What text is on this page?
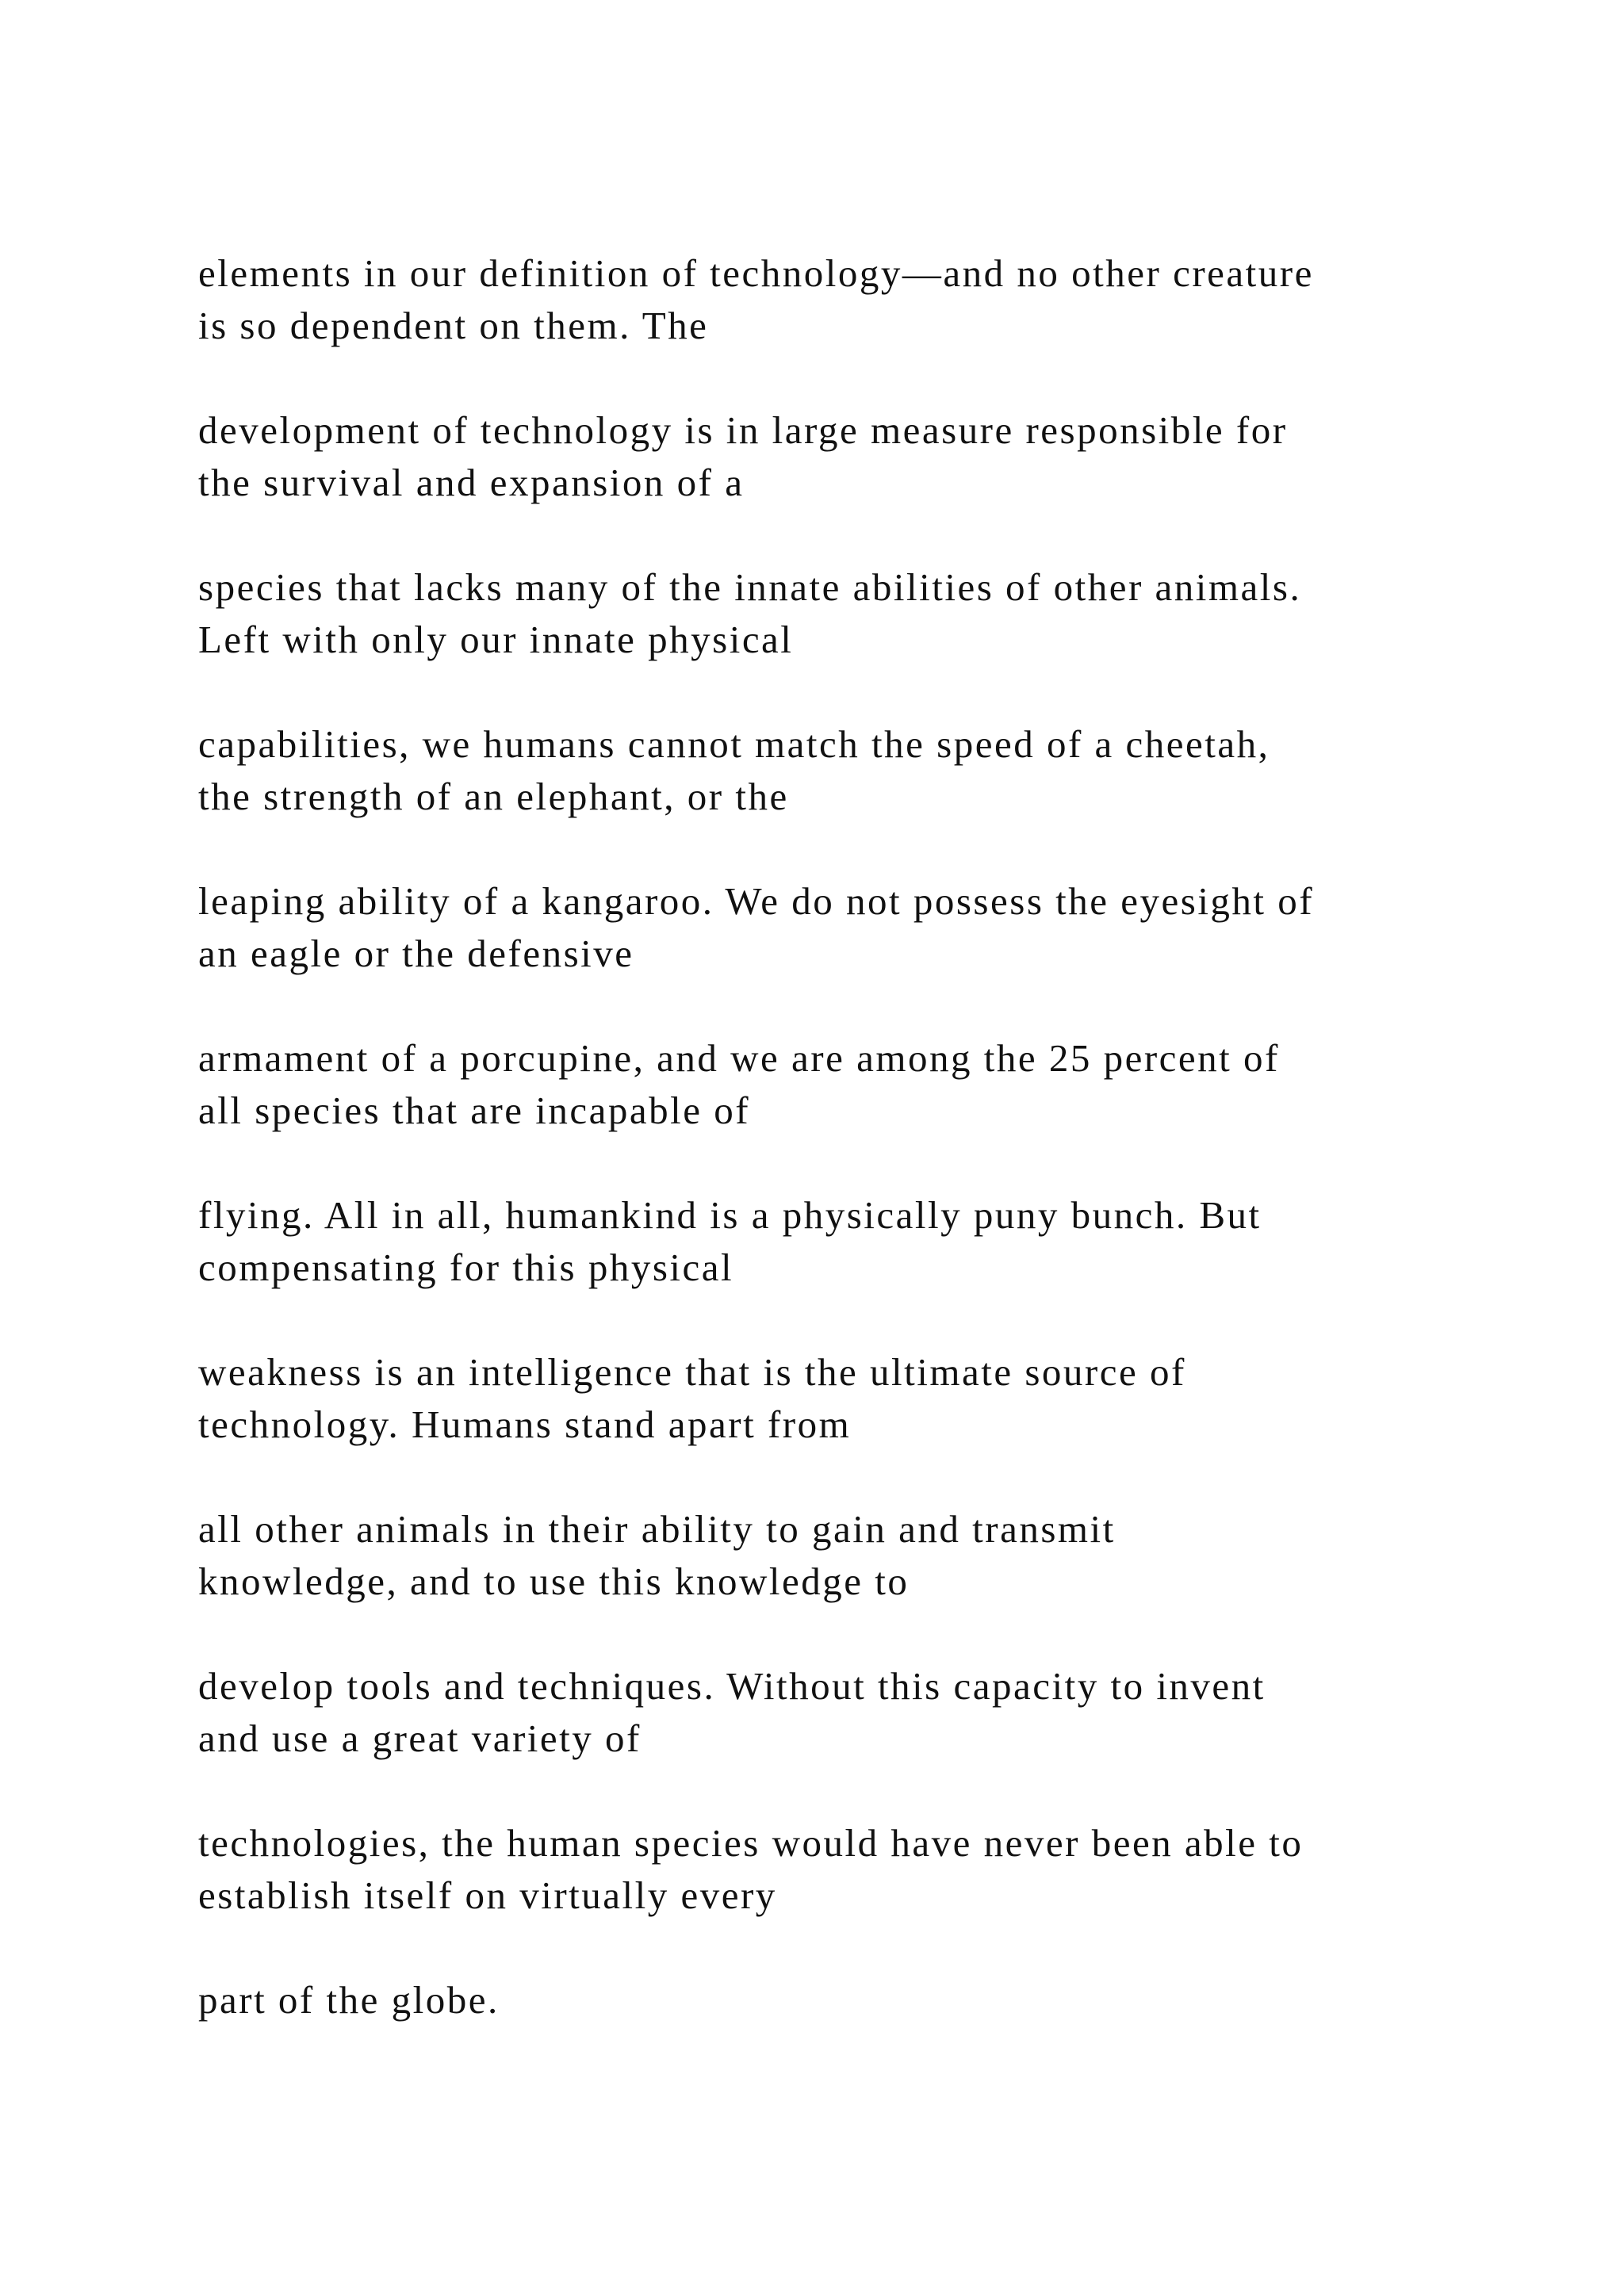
elements in our definition of technology—and no other creature
is so dependent on them. The

development of technology is in large measure responsible for
the survival and expansion of a

species that lacks many of the innate abilities of other animals.
Left with only our innate physical

capabilities, we humans cannot match the speed of a cheetah,
the strength of an elephant, or the

leaping ability of a kangaroo. We do not possess the eyesight of
an eagle or the defensive

armament of a porcupine, and we are among the 25 percent of
all species that are incapable of

flying. All in all, humankind is a physically puny bunch. But
compensating for this physical

weakness is an intelligence that is the ultimate source of
technology. Humans stand apart from

all other animals in their ability to gain and transmit
knowledge, and to use this knowledge to

develop tools and techniques. Without this capacity to invent
and use a great variety of

technologies, the human species would have never been able to
establish itself on virtually every

part of the globe.
